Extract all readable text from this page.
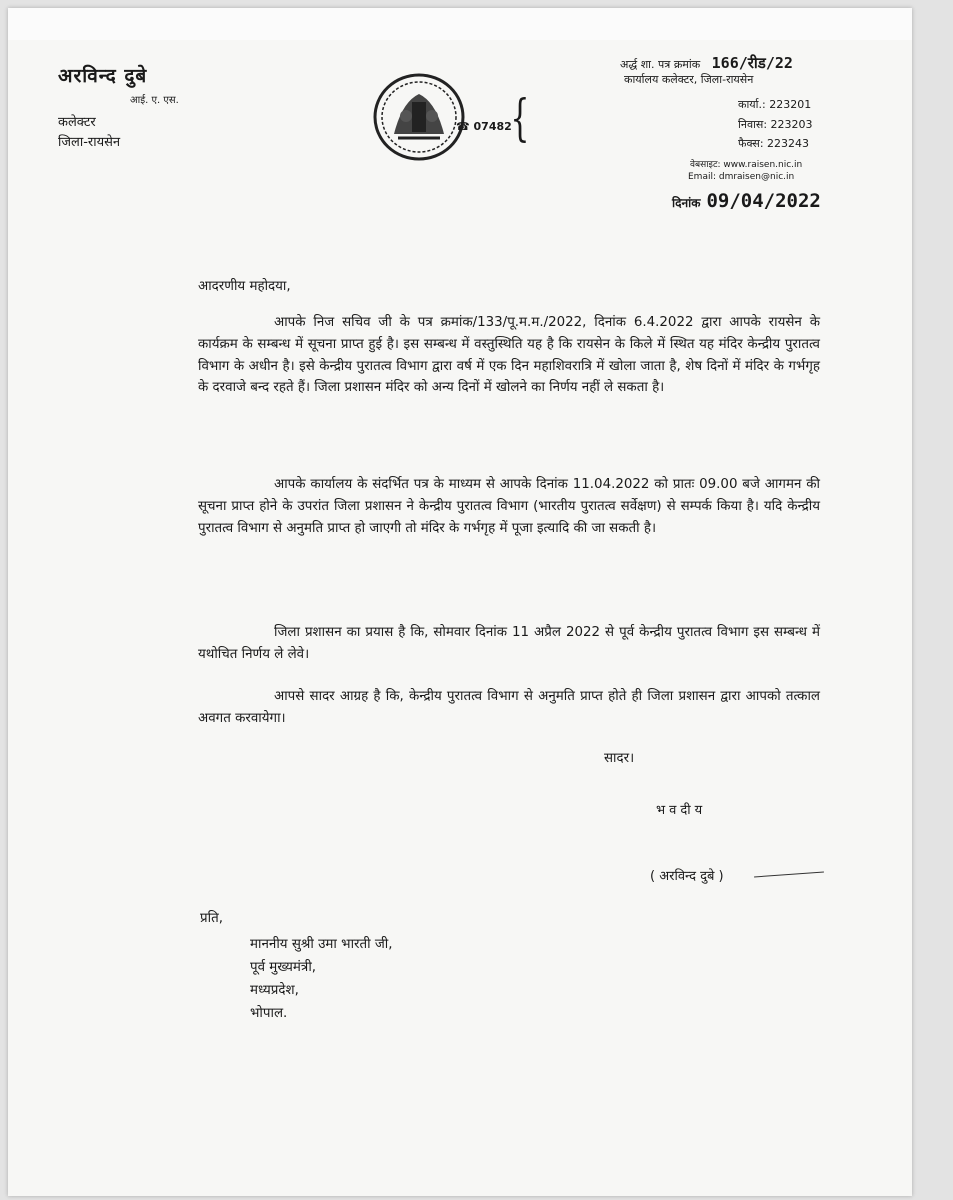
अरविन्द दुबे
आई. ए. एस.
कलेक्टर
जिला-रायसेन
अर्द्ध शा. पत्र क्रमांक 166/रीड/22
कार्यालय कलेक्टर, जिला-रायसेन
☎ 07482
{	कार्या.: 223201
निवास: 223203
फैक्स: 223243
वेबसाइट: www.raisen.nic.in
Email: dmraisen@nic.in
दिनांक 09/04/2022
आदरणीय महोदया,
आपके निज सचिव जी के पत्र क्रमांक/133/पू.म.म./2022, दिनांक 6.4.2022 द्वारा आपके रायसेन के कार्यक्रम के सम्बन्ध में सूचना प्राप्त हुई है। इस सम्बन्ध में वस्तुस्थिति यह है कि रायसेन के किले में स्थित यह मंदिर केन्द्रीय पुरातत्व विभाग के अधीन है। इसे केन्द्रीय पुरातत्व विभाग द्वारा वर्ष में एक दिन महाशिवरात्रि में खोला जाता है, शेष दिनों में मंदिर के गर्भगृह के दरवाजे बन्द रहते हैं। जिला प्रशासन मंदिर को अन्य दिनों में खोलने का निर्णय नहीं ले सकता है।
आपके कार्यालय के संदर्भित पत्र के माध्यम से आपके दिनांक 11.04.2022 को प्रातः 09.00 बजे आगमन की सूचना प्राप्त होने के उपरांत जिला प्रशासन ने केन्द्रीय पुरातत्व विभाग (भारतीय पुरातत्व सर्वेक्षण) से सम्पर्क किया है। यदि केन्द्रीय पुरातत्व विभाग से अनुमति प्राप्त हो जाएगी तो मंदिर के गर्भगृह में पूजा इत्यादि की जा सकती है।
जिला प्रशासन का प्रयास है कि, सोमवार दिनांक 11 अप्रैल 2022 से पूर्व केन्द्रीय पुरातत्व विभाग इस सम्बन्ध में यथोचित निर्णय ले लेवे।
आपसे सादर आग्रह है कि, केन्द्रीय पुरातत्व विभाग से अनुमति प्राप्त होते ही जिला प्रशासन द्वारा आपको तत्काल अवगत करवायेगा।
सादर।
भवदीय
( अरविन्द दुबे )
प्रति,
माननीय सुश्री उमा भारती जी,
पूर्व मुख्यमंत्री,
मध्यप्रदेश,
भोपाल.
